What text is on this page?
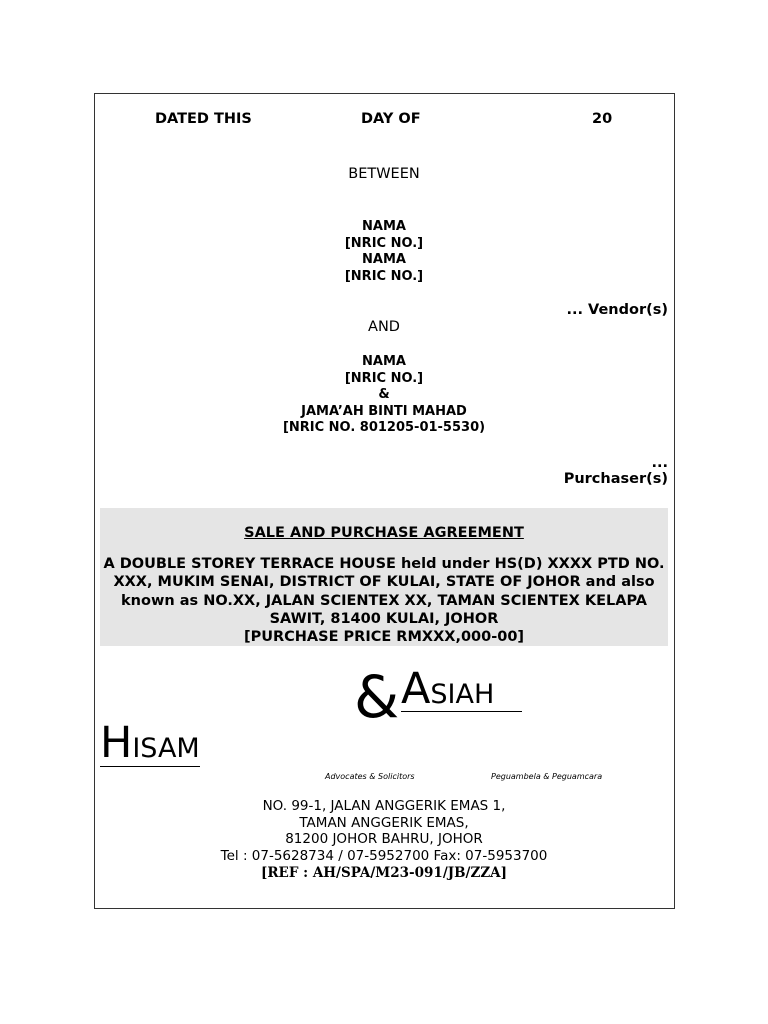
DATED THIS	DAY OF	20
BETWEEN
NAMA
[NRIC NO.]
NAMA
[NRIC NO.]
... Vendor(s)
AND
NAMA
[NRIC NO.]
&
JAMA’AH BINTI MAHAD
[NRIC NO. 801205-01-5530)
...
Purchaser(s)
SALE AND PURCHASE AGREEMENT
A DOUBLE STOREY TERRACE HOUSE held under HS(D) XXXX PTD NO. XXX, MUKIM SENAI, DISTRICT OF KULAI, STATE OF JOHOR and also known as NO.XX, JALAN SCIENTEX XX, TAMAN SCIENTEX KELAPA SAWIT, 81400 KULAI, JOHOR
[PURCHASE PRICE RMXXX,000-00]
& ASIAH
HISAM
Advocates & Solicitors	Peguambela & Peguamcara
NO. 99-1, JALAN ANGGERIK EMAS 1,
TAMAN ANGGERIK EMAS,
81200 JOHOR BAHRU, JOHOR
Tel : 07-5628734 / 07-5952700 Fax: 07-5953700
[REF : AH/SPA/M23-091/JB/ZZA]
